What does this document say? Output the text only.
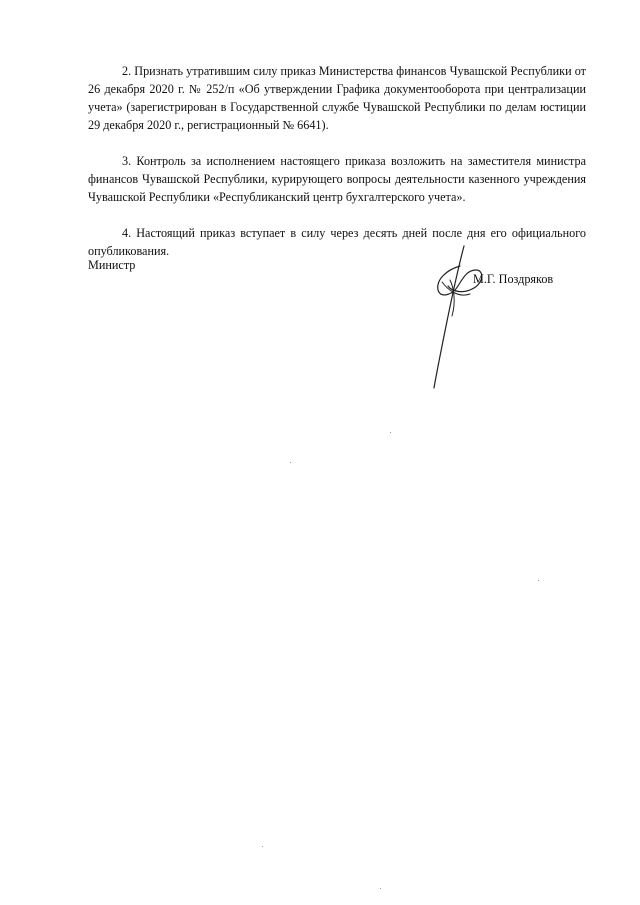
2. Признать утратившим силу приказ Министерства финансов Чувашской Республики от 26 декабря 2020 г. № 252/п «Об утверждении Графика документооборота при централизации учета» (зарегистрирован в Государственной службе Чувашской Республики по делам юстиции 29 декабря 2020 г., регистрационный № 6641).

3. Контроль за исполнением настоящего приказа возложить на заместителя министра финансов Чувашской Республики, курирующего вопросы деятельности казенного учреждения Чувашской Республики «Республиканский центр бухгалтерского учета».

4. Настоящий приказ вступает в силу через десять дней после дня его официального опубликования.

Министр
М.Г. Поздряков
